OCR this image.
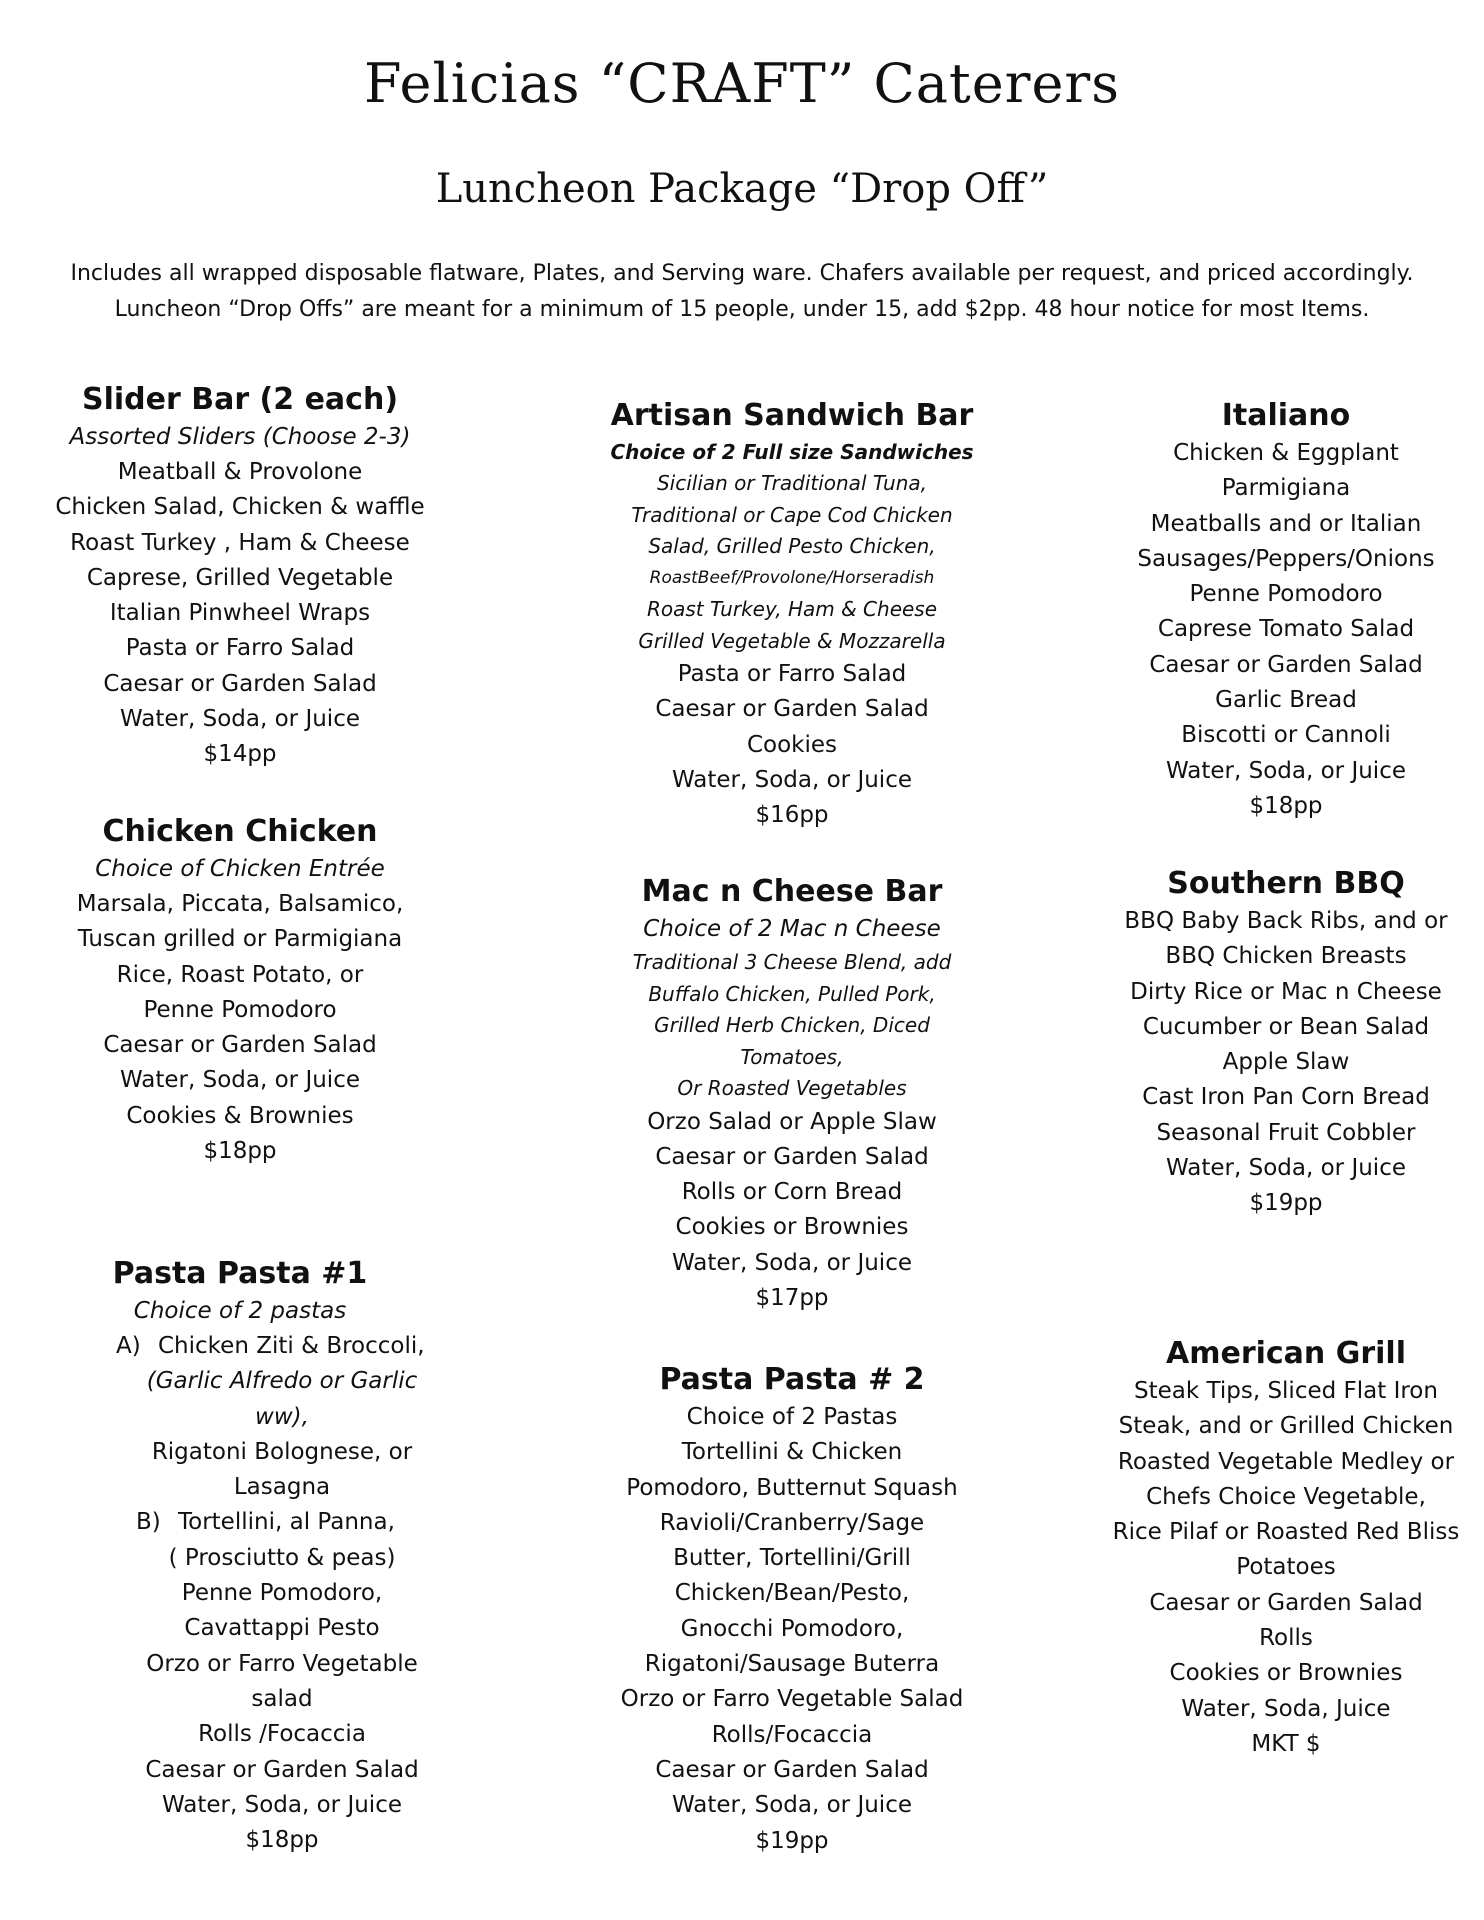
Felicias “CRAFT” Caterers
Luncheon Package “Drop Off”
Includes all wrapped disposable flatware, Plates, and Serving ware. Chafers available per request, and priced accordingly.
Luncheon “Drop Offs” are meant for a minimum of 15 people, under 15, add $2pp. 48 hour notice for most Items.
Slider Bar (2 each)
Assorted Sliders (Choose 2-3)
Meatball & Provolone
Chicken Salad, Chicken & waffle
Roast Turkey , Ham & Cheese
Caprese, Grilled Vegetable
Italian Pinwheel Wraps
Pasta or Farro Salad
Caesar or Garden Salad
Water, Soda, or Juice
$14pp
Chicken Chicken
Choice of Chicken Entrée
Marsala, Piccata, Balsamico,
Tuscan grilled or Parmigiana
Rice, Roast Potato, or
Penne Pomodoro
Caesar or Garden Salad
Water, Soda, or Juice
Cookies & Brownies
$18pp
Pasta Pasta #1
Choice of 2 pastas
A) Chicken Ziti & Broccoli,
(Garlic Alfredo or Garlic ww),
Rigatoni Bolognese, or
Lasagna
B) Tortellini, al Panna,
( Prosciutto & peas)
Penne Pomodoro,
Cavattappi Pesto
Orzo or Farro Vegetable salad
Rolls /Focaccia
Caesar or Garden Salad
Water, Soda, or Juice
$18pp
Artisan Sandwich Bar
Choice of 2 Full size Sandwiches
Sicilian or Traditional Tuna,
Traditional or Cape Cod Chicken
Salad, Grilled Pesto Chicken,
RoastBeef/Provolone/Horseradish
Roast Turkey, Ham & Cheese
Grilled Vegetable & Mozzarella
Pasta or Farro Salad
Caesar or Garden Salad
Cookies
Water, Soda, or Juice
$16pp
Mac n Cheese Bar
Choice of 2 Mac n Cheese
Traditional 3 Cheese Blend, add
Buffalo Chicken, Pulled Pork,
Grilled Herb Chicken, Diced
Tomatoes,
Or Roasted Vegetables
Orzo Salad or Apple Slaw
Caesar or Garden Salad
Rolls or Corn Bread
Cookies or Brownies
Water, Soda, or Juice
$17pp
Pasta Pasta # 2
Choice of 2 Pastas
Tortellini & Chicken
Pomodoro, Butternut Squash
Ravioli/Cranberry/Sage
Butter, Tortellini/Grill
Chicken/Bean/Pesto,
Gnocchi Pomodoro,
Rigatoni/Sausage Buterra
Orzo or Farro Vegetable Salad
Rolls/Focaccia
Caesar or Garden Salad
Water, Soda, or Juice
$19pp
Italiano
Chicken & Eggplant
Parmigiana
Meatballs and or Italian
Sausages/Peppers/Onions
Penne Pomodoro
Caprese Tomato Salad
Caesar or Garden Salad
Garlic Bread
Biscotti or Cannoli
Water, Soda, or Juice
$18pp
Southern BBQ
BBQ Baby Back Ribs, and or
BBQ Chicken Breasts
Dirty Rice or Mac n Cheese
Cucumber or Bean Salad
Apple Slaw
Cast Iron Pan Corn Bread
Seasonal Fruit Cobbler
Water, Soda, or Juice
$19pp
American Grill
Steak Tips, Sliced Flat Iron
Steak, and or Grilled Chicken
Roasted Vegetable Medley or
Chefs Choice Vegetable,
Rice Pilaf or Roasted Red Bliss
Potatoes
Caesar or Garden Salad
Rolls
Cookies or Brownies
Water, Soda, Juice
MKT $
